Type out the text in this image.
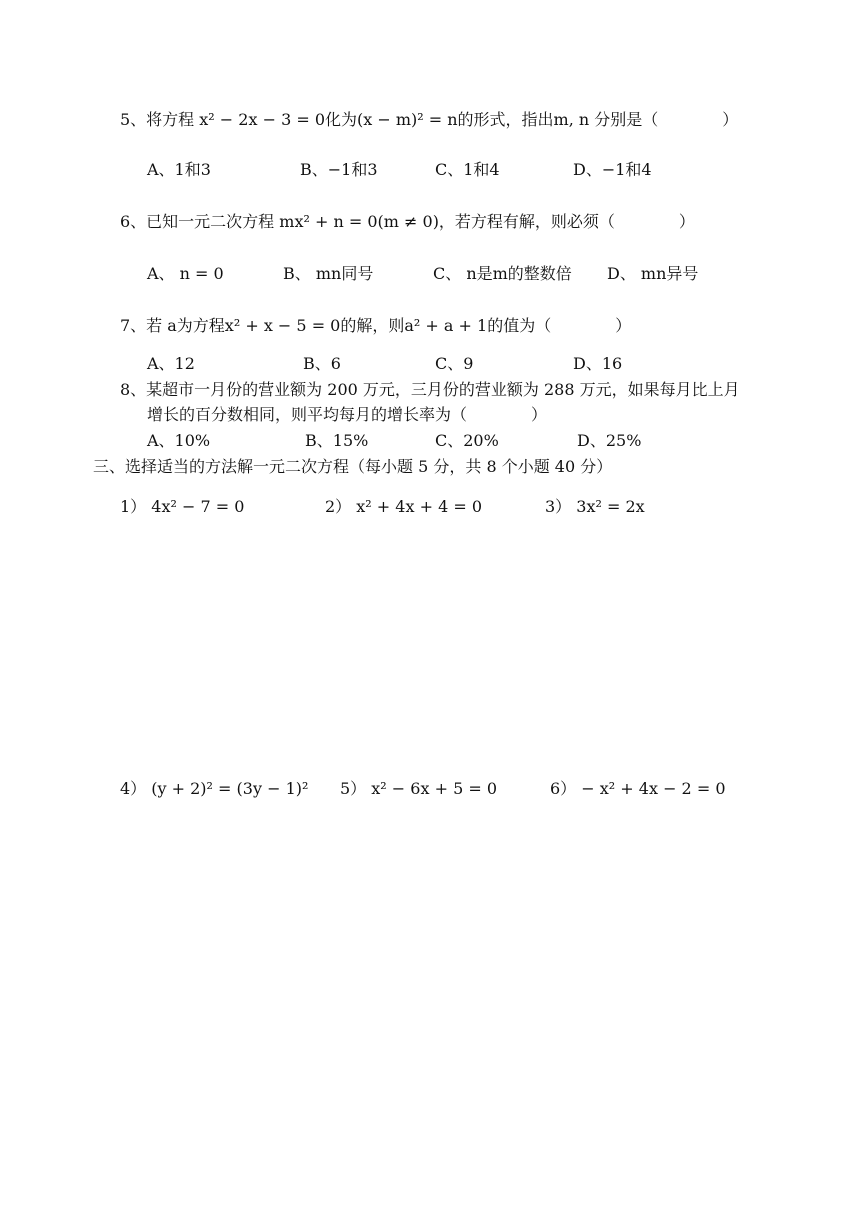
5、将方程 x² − 2x − 3 = 0化为(x − m)² = n的形式，指出m, n 分别是（　　　　）
A、1和3	B、−1和3	C、1和4	D、−1和4
6、已知一元二次方程 mx² + n = 0(m ≠ 0)，若方程有解，则必须（　　　　）
A、 n = 0	B、 mn同号	C、 n是m的整数倍 D、 mn异号
7、若 a为方程x² + x − 5 = 0的解，则a² + a + 1的值为（　　　　）
A、12	B、6	C、9	D、16
8、某超市一月份的营业额为 200 万元，三月份的营业额为 288 万元，如果每月比上月
增长的百分数相同，则平均每月的增长率为（　　　　）
A、10%	B、15%	C、20%	D、25%
三、选择适当的方法解一元二次方程（每小题 5 分，共 8 个小题 40 分）
1） 4x² − 7 = 0	2） x² + 4x + 4 = 0	3） 3x² = 2x
4） (y + 2)² = (3y − 1)² 5） x² − 6x + 5 = 0	6） − x² + 4x − 2 = 0
